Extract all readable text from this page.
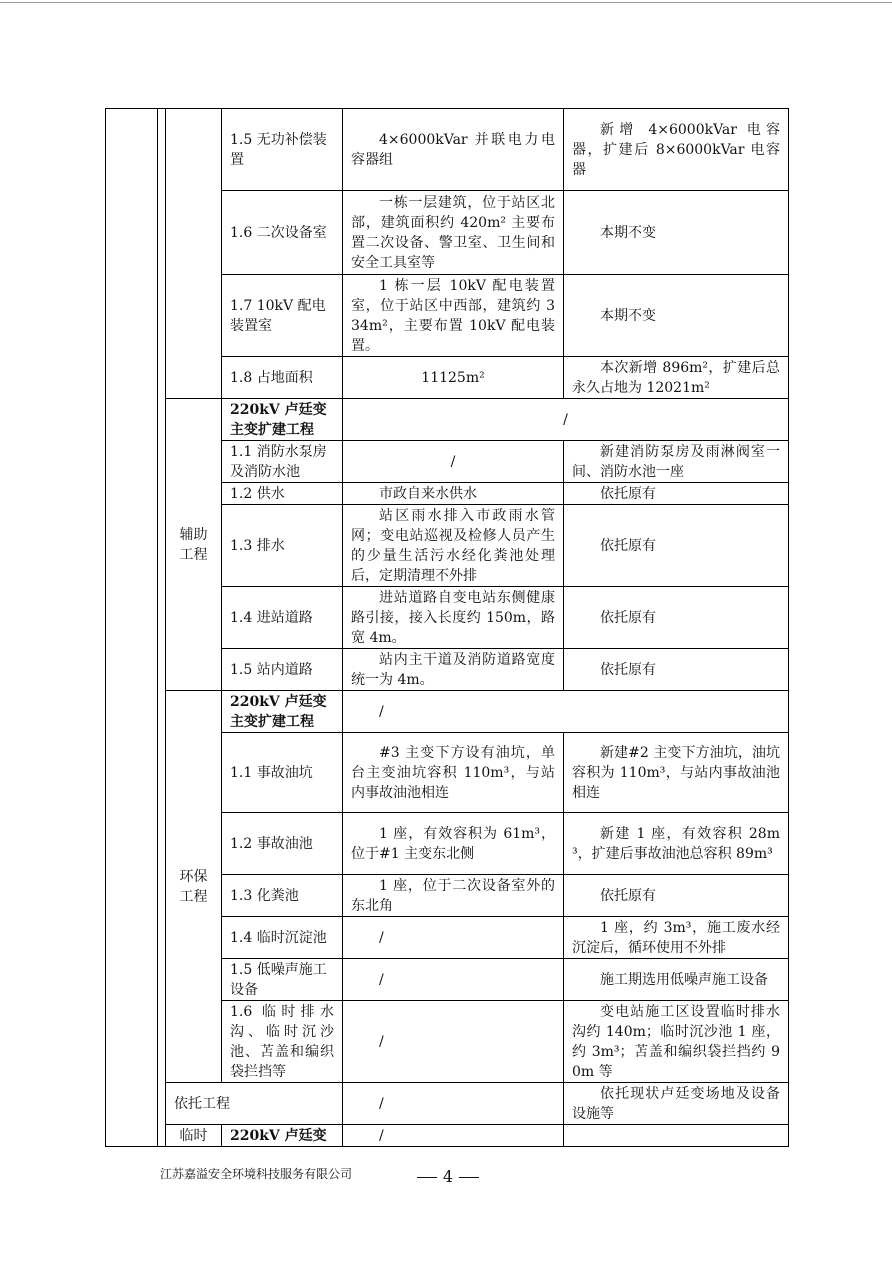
			1.5 无功补偿装置	4×6000kVar 并联电力电容器组	新增 4×6000kVar 电容器，扩建后 8×6000kVar 电容器
			1.6 二次设备室	一栋一层建筑，位于站区北部，建筑面积约 420m² 主要布置二次设备、警卫室、卫生间和安全工具室等	本期不变
			1.7 10kV 配电装置室	1 栋一层 10kV 配电装置室，位于站区中西部，建筑约 334m²，主要布置 10kV 配电装置。	本期不变
			1.8 占地面积	11125m²	本次新增 896m²，扩建后总永久占地为 12021m²
		辅助工程	220kV 卢廷变主变扩建工程	/	
			1.1 消防水泵房及消防水池	/	新建消防泵房及雨淋阀室一间、消防水池一座
			1.2 供水	市政自来水供水	依托原有
			1.3 排水	站区雨水排入市政雨水管网；变电站巡视及检修人员产生的少量生活污水经化粪池处理后，定期清理不外排	依托原有
			1.4 进站道路	进站道路自变电站东侧健康路引接，接入长度约 150m，路宽 4m。	依托原有
			1.5 站内道路	站内主干道及消防道路宽度统一为 4m。	依托原有
		环保工程	220kV 卢廷变主变扩建工程	/	
			1.1 事故油坑	#3 主变下方设有油坑，单台主变油坑容积 110m³，与站内事故油池相连	新建#2 主变下方油坑，油坑容积为 110m³，与站内事故油池相连
			1.2 事故油池	1 座，有效容积为 61m³，位于#1 主变东北侧	新建 1 座，有效容积 28m³，扩建后事故油池总容积 89m³
			1.3 化粪池	1 座，位于二次设备室外的东北角	依托原有
			1.4 临时沉淀池	/	1 座，约 3m³，施工废水经沉淀后，循环使用不外排
			1.5 低噪声施工设备	/	施工期选用低噪声施工设备
			1.6 临时排水沟、临时沉沙池、苫盖和编织袋拦挡等	/	变电站施工区设置临时排水沟约 140m；临时沉沙池 1 座，约 3m³；苫盖和编织袋拦挡约 90m 等
		依托工程		/	依托现状卢廷变场地及设备设施等
		临时	220kV 卢廷变	/	
江苏嘉溢安全环境科技服务有限公司	4
